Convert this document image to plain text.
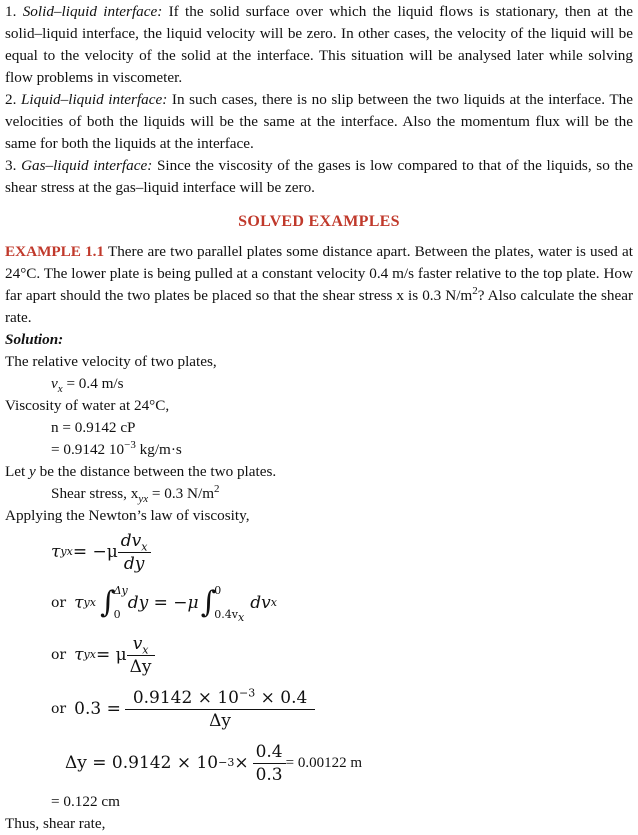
1. Solid–liquid interface: If the solid surface over which the liquid flows is stationary, then at the solid–liquid interface, the liquid velocity will be zero. In other cases, the velocity of the liquid will be equal to the velocity of the solid at the interface. This situation will be analysed later while solving flow problems in viscometer.

2. Liquid–liquid interface: In such cases, there is no slip between the two liquids at the interface. The velocities of both the liquids will be the same at the interface. Also the momentum flux will be the same for both the liquids at the interface.

3. Gas–liquid interface: Since the viscosity of the gases is low compared to that of the liquids, so the shear stress at the gas–liquid interface will be zero.

SOLVED EXAMPLES

EXAMPLE 1.1 There are two parallel plates some distance apart. Between the plates, water is used at 24°C. The lower plate is being pulled at a constant velocity 0.4 m/s faster relative to the top plate. How far apart should the two plates be placed so that the shear stress x is 0.3 $N/m^2$? Also calculate the shear rate.

Solution:
The relative velocity of two plates,
$v_x = 0.4$ m/s
Viscosity of water at 24°C,
n = 0.9142 cP
= 0.9142 $10^{-3}$ kg/m·s
Let y be the distance between the two plates.
Shear stress, $x_{yx} = 0.3$ $N/m^2$
Applying the Newton’s law of viscosity,
τ yx = $-\mu \frac{dv_x}{dy}$
or τ yx ∫
Δy
0
dy = −μ ∫
0
$0.4v_x$
dv x
or τ yx = μ $\frac{v_x}{\Delta y}$
or $0.3 = \frac{0.9142 \times 10^{-3} \times 0.4}{\Delta y}$
$\Delta y = 0.9142 \times 10 -3 \times \frac{0.4}{0.3} = 0.00122$ m
= 0.122 cm
Thus, shear rate,
